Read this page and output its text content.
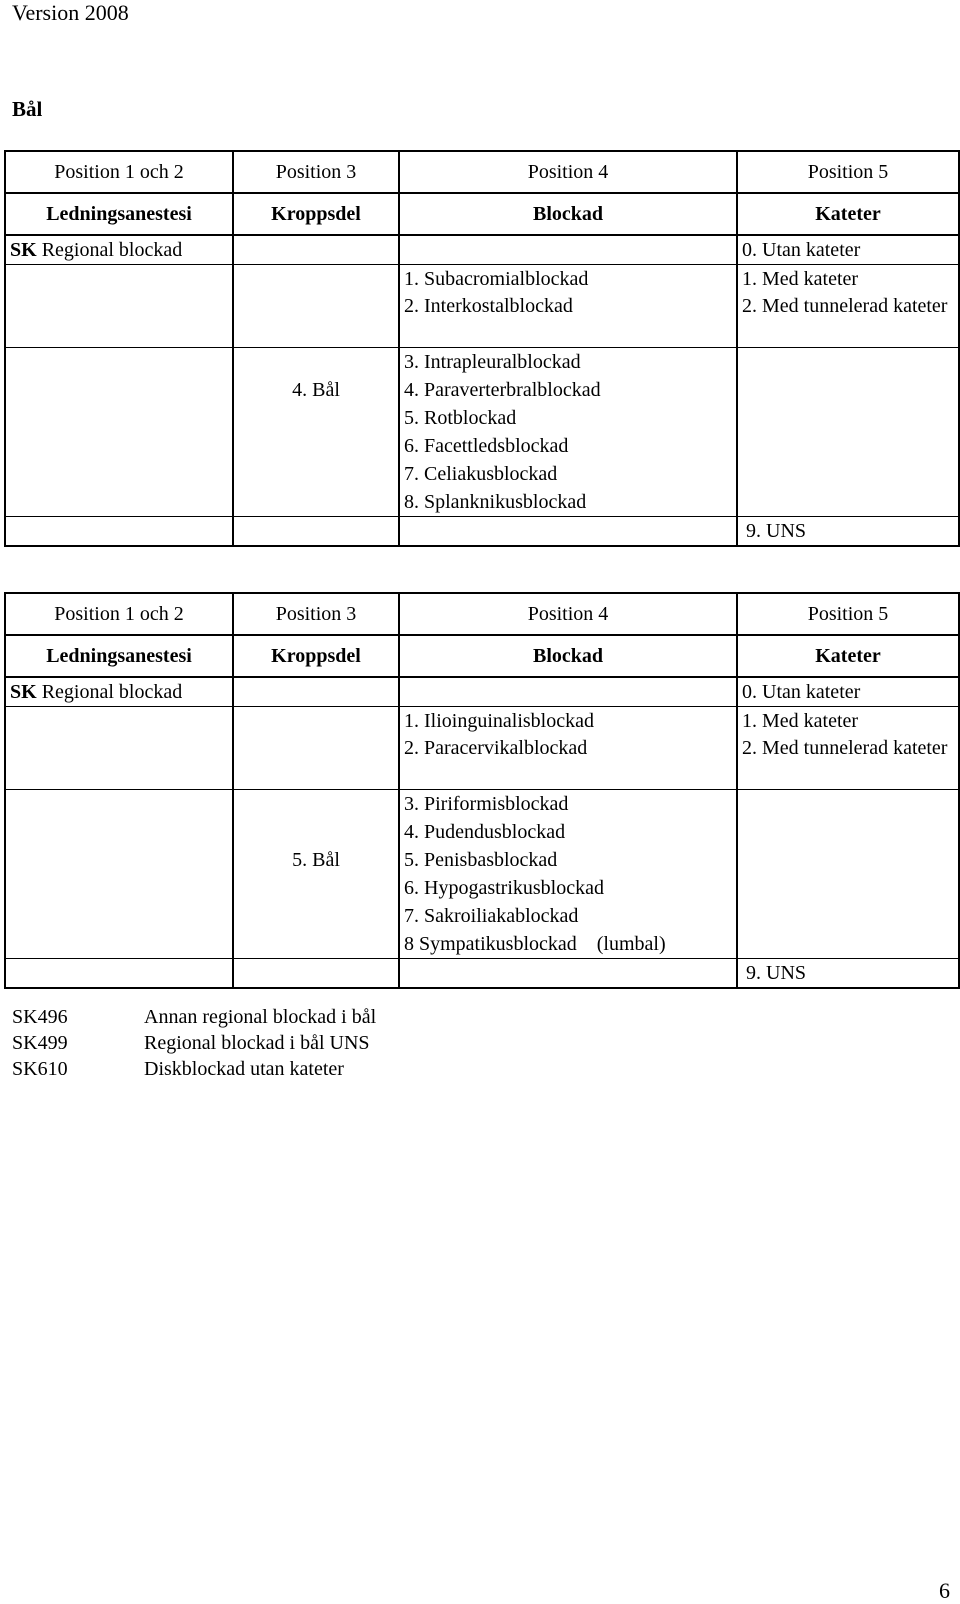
Version 2008
Bål
Position 1 och 2	Position 3	Position 4	Position 5
Ledningsanestesi	Kroppsdel	Blockad	Kateter
SK Regional blockad			0. Utan kateter
		1. Subacromialblockad	1. Med kateter
		2. Interkostalblockad	2. Med tunnelerad kateter
		3. Intrapleuralblockad	
	4. Bål	4. Paraverterbralblockad	
		5. Rotblockad	
		6. Facettledsblockad	
		7. Celiakusblockad	
		8. Splanknikusblockad	
			9. UNS
Position 1 och 2	Position 3	Position 4	Position 5
Ledningsanestesi	Kroppsdel	Blockad	Kateter
SK Regional blockad			0. Utan kateter
		1. Ilioinguinalisblockad	1. Med kateter
		2. Paracervikalblockad	2. Med tunnelerad kateter
		3. Piriformisblockad	
		4. Pudendusblockad	
	5. Bål	5. Penisbasblockad	
		6. Hypogastrikusblockad	
		7. Sakroiliakablockad	
		8 Sympatikusblockad    (lumbal)	
			9. UNS
SK496	Annan regional blockad i bål
SK499	Regional blockad i bål UNS
SK610	Diskblockad utan kateter
6
